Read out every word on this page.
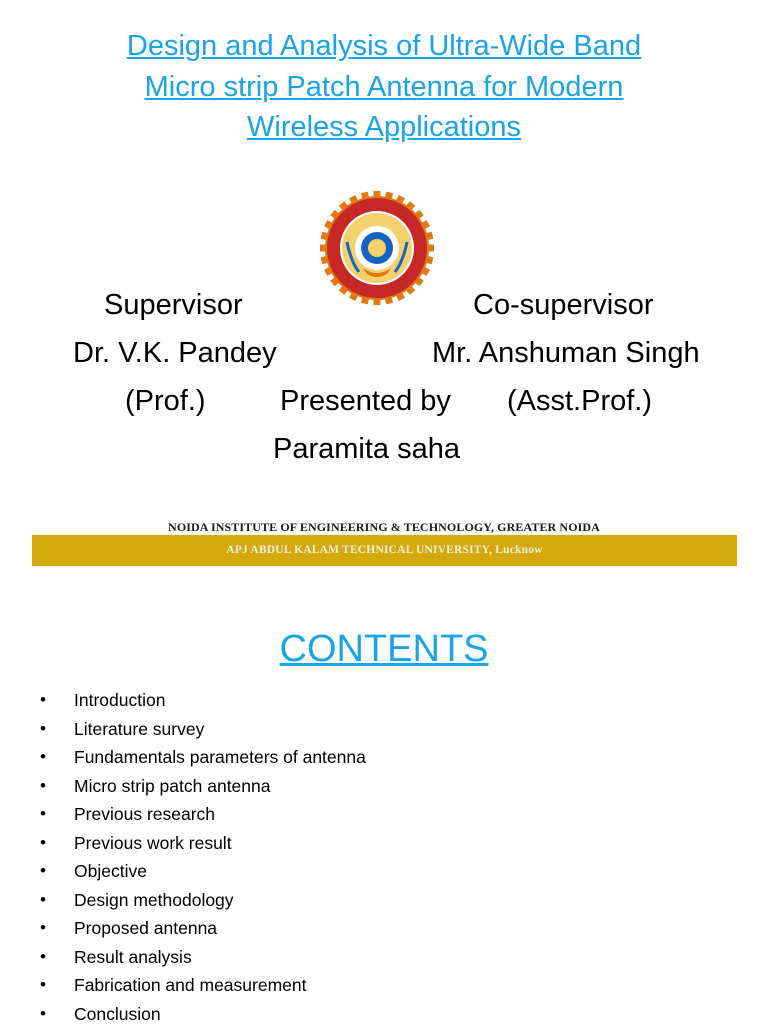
Design and Analysis of Ultra-Wide Band
Micro strip Patch Antenna for Modern
Wireless Applications
Supervisor	Co-supervisor
Dr. V.K. Pandey	Mr. Anshuman Singh
(Prof.)	Presented by (Asst.Prof.)
Paramita saha
NOIDA INSTITUTE OF ENGINEERING & TECHNOLOGY, GREATER NOIDA
APJ ABDUL KALAM TECHNICAL UNIVERSITY, Lucknow
CONTENTS
• Introduction
• Literature survey
• Fundamentals parameters of antenna
• Micro strip patch antenna
• Previous research
• Previous work result
• Objective
• Design methodology
• Proposed antenna
• Result analysis
• Fabrication and measurement
• Conclusion
